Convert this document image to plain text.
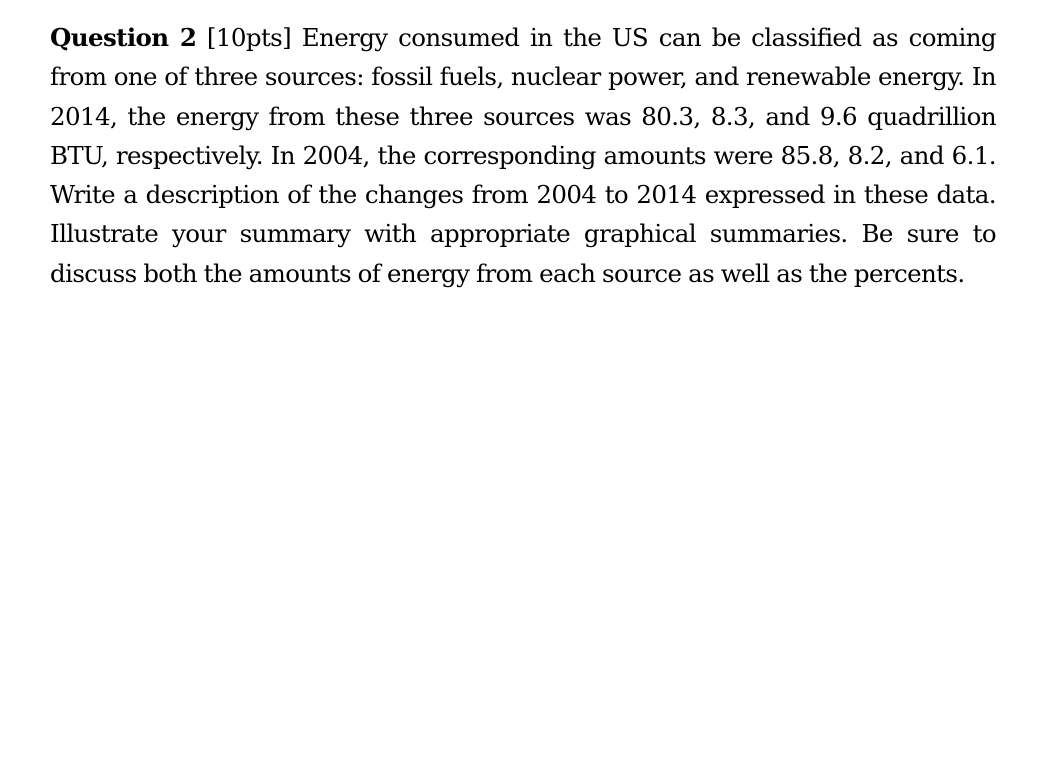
Question 2 [10pts] Energy consumed in the US can be classified as coming from one of three sources: fossil fuels, nuclear power, and renewable energy. In 2014, the energy from these three sources was 80.3, 8.3, and 9.6 quadrillion BTU, respectively. In 2004, the corresponding amounts were 85.8, 8.2, and 6.1. Write a description of the changes from 2004 to 2014 expressed in these data. Illustrate your summary with appropriate graphical summaries. Be sure to discuss both the amounts of energy from each source as well as the percents.
